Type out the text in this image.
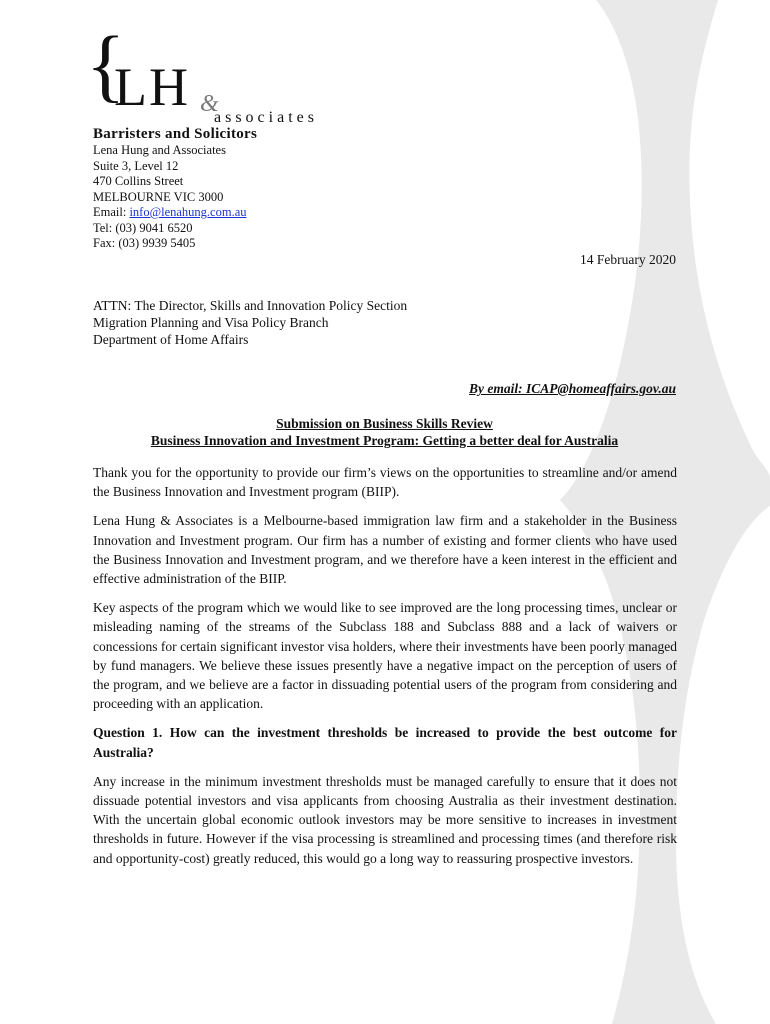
{
LH &
associates
Barristers and Solicitors
Lena Hung and Associates
Suite 3, Level 12
470 Collins Street
MELBOURNE VIC 3000
Email: info@lenahung.com.au
Tel: (03) 9041 6520
Fax: (03) 9939 5405
14 February 2020
ATTN: The Director, Skills and Innovation Policy Section
Migration Planning and Visa Policy Branch
Department of Home Affairs
By email: ICAP@homeaffairs.gov.au
Submission on Business Skills Review
Business Innovation and Investment Program: Getting a better deal for Australia

Thank you for the opportunity to provide our firm’s views on the opportunities to streamline and/or amend the Business Innovation and Investment program (BIIP).

Lena Hung & Associates is a Melbourne-based immigration law firm and a stakeholder in the Business Innovation and Investment program. Our firm has a number of existing and former clients who have used the Business Innovation and Investment program, and we therefore have a keen interest in the efficient and effective administration of the BIIP.

Key aspects of the program which we would like to see improved are the long processing times, unclear or misleading naming of the streams of the Subclass 188 and Subclass 888 and a lack of waivers or concessions for certain significant investor visa holders, where their investments have been poorly managed by fund managers. We believe these issues presently have a negative impact on the perception of users of the program, and we believe are a factor in dissuading potential users of the program from considering and proceeding with an application.

Question 1. How can the investment thresholds be increased to provide the best outcome for Australia?

Any increase in the minimum investment thresholds must be managed carefully to ensure that it does not dissuade potential investors and visa applicants from choosing Australia as their investment destination. With the uncertain global economic outlook investors may be more sensitive to increases in investment thresholds in future. However if the visa processing is streamlined and processing times (and therefore risk and opportunity-cost) greatly reduced, this would go a long way to reassuring prospective investors.
